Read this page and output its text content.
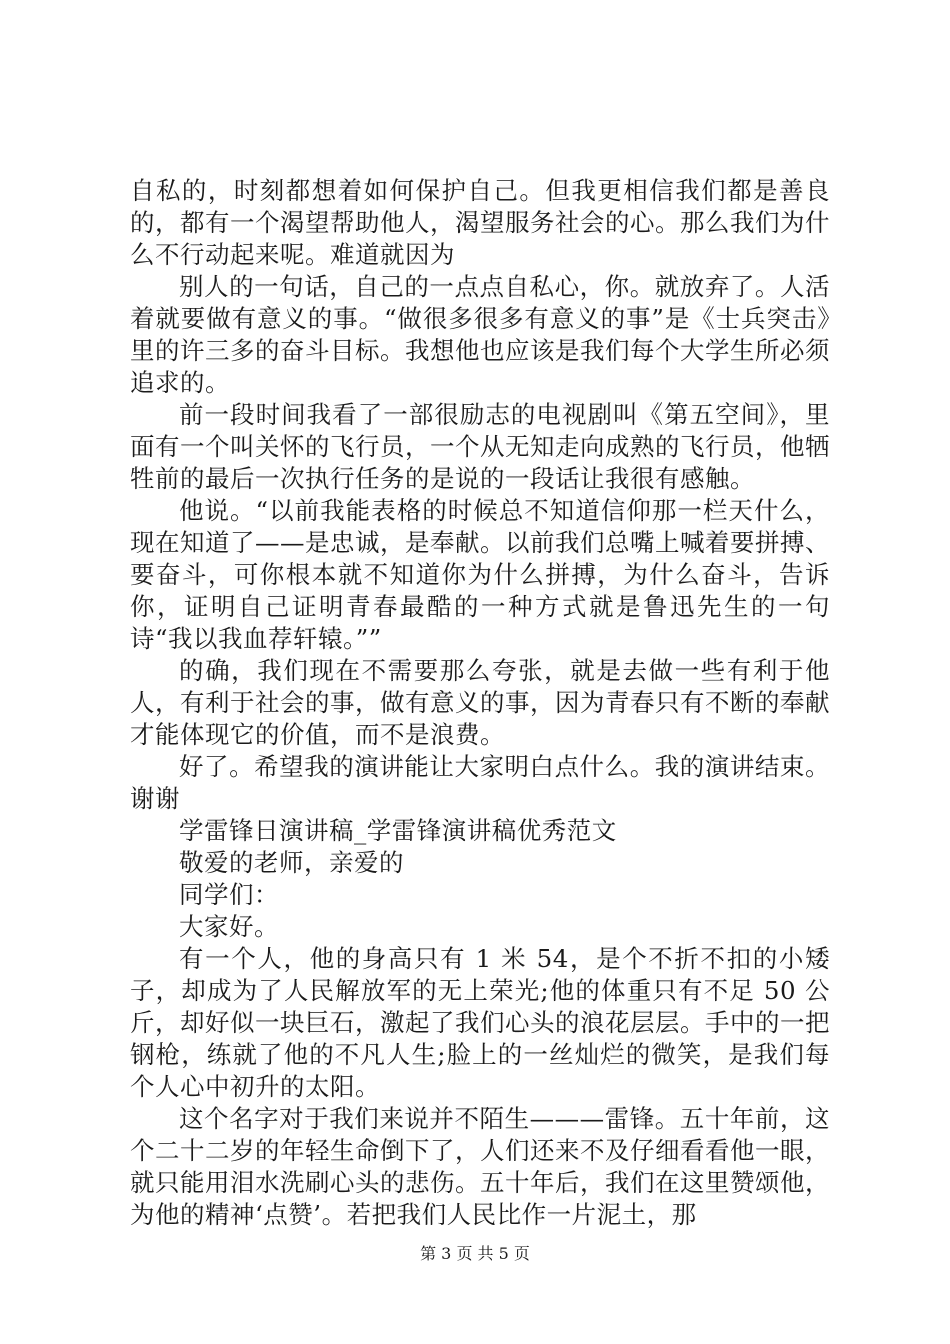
自私的，时刻都想着如何保护自己。但我更相信我们都是善良的，都有一个渴望帮助他人，渴望服务社会的心。那么我们为什么不行动起来呢。难道就因为

别人的一句话，自己的一点点自私心，你。就放弃了。人活着就要做有意义的事。“做很多很多有意义的事”是《士兵突击》里的许三多的奋斗目标。我想他也应该是我们每个大学生所必须追求的。

前一段时间我看了一部很励志的电视剧叫《第五空间》，里面有一个叫关怀的飞行员，一个从无知走向成熟的飞行员，他牺牲前的最后一次执行任务的是说的一段话让我很有感触。

他说。“以前我能表格的时候总不知道信仰那一栏天什么，现在知道了——是忠诚，是奉献。以前我们总嘴上喊着要拼搏、要奋斗，可你根本就不知道你为什么拼搏，为什么奋斗，告诉你，证明自己证明青春最酷的一种方式就是鲁迅先生的一句诗“我以我血荐轩辕。””

的确，我们现在不需要那么夸张，就是去做一些有利于他人，有利于社会的事，做有意义的事，因为青春只有不断的奉献才能体现它的价值，而不是浪费。

好了。希望我的演讲能让大家明白点什么。我的演讲结束。谢谢

学雷锋日演讲稿_学雷锋演讲稿优秀范文

敬爱的老师，亲爱的

同学们：

大家好。

有一个人，他的身高只有 1 米 54，是个不折不扣的小矮子，却成为了人民解放军的无上荣光;他的体重只有不足 50 公斤，却好似一块巨石，激起了我们心头的浪花层层。手中的一把钢枪，练就了他的不凡人生;脸上的一丝灿烂的微笑，是我们每个人心中初升的太阳。

这个名字对于我们来说并不陌生———雷锋。五十年前，这个二十二岁的年轻生命倒下了，人们还来不及仔细看看他一眼，就只能用泪水洗刷心头的悲伤。五十年后，我们在这里赞颂他，为他的精神‘点赞’。若把我们人民比作一片泥土，那

第 3 页 共 5 页
